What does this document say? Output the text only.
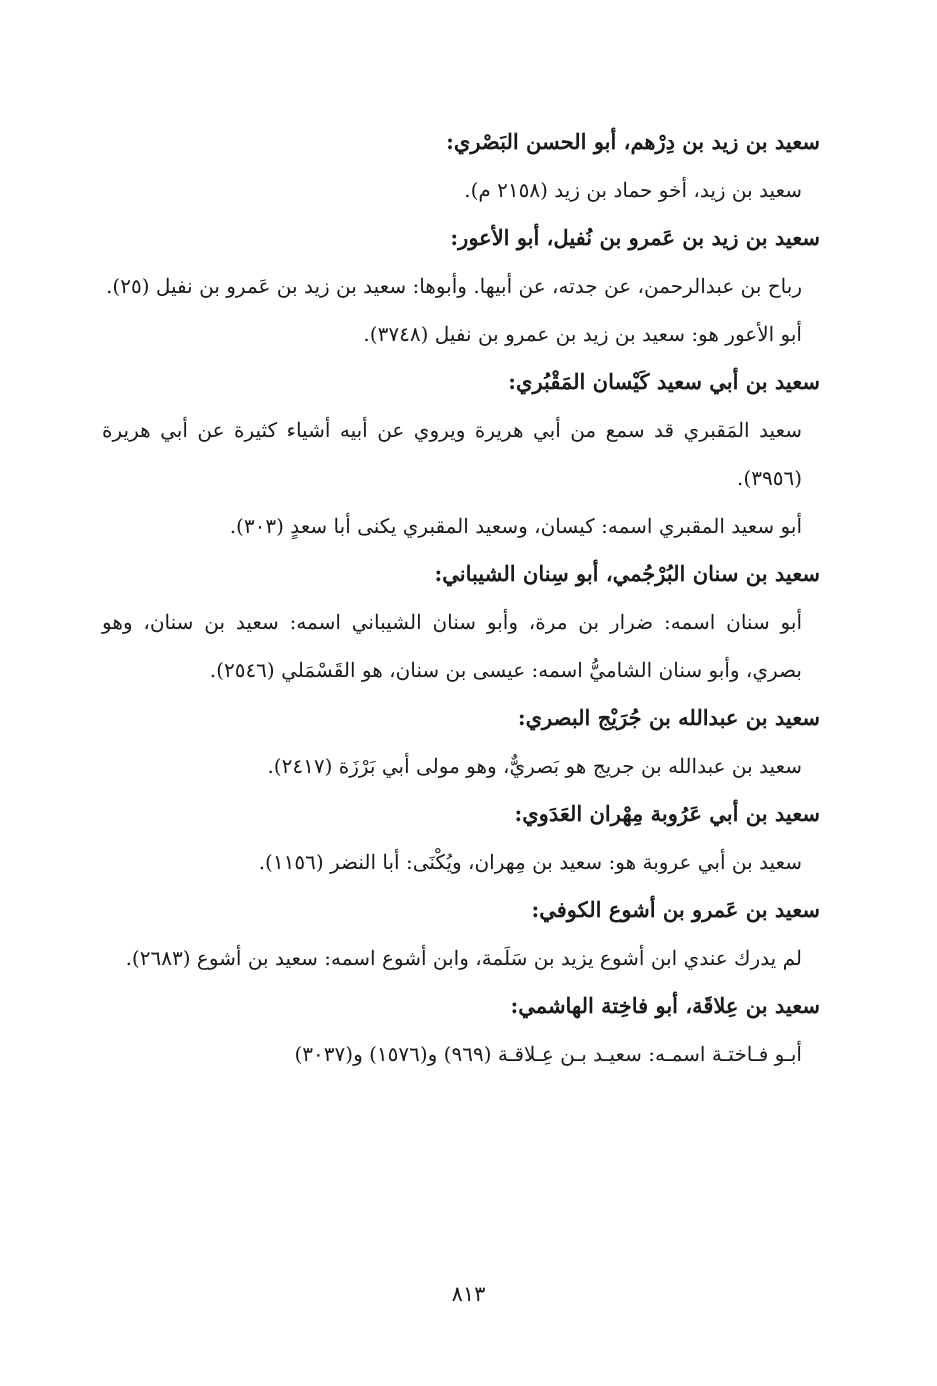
سعيد بن زيد بن دِرْهم، أبو الحسن البَصْري:

سعيد بن زيد، أخو حماد بن زيد (٢١٥٨ م).

سعيد بن زيد بن عَمرو بن نُفيل، أبو الأعور:

رباح بن عبدالرحمن، عن جدته، عن أبيها. وأبوها: سعيد بن زيد بن عَمرو بن نفيل (٢٥).

أبو الأعور هو: سعيد بن زيد بن عمرو بن نفيل (٣٧٤٨).

سعيد بن أبي سعيد كَيْسان المَقْبُري:

سعيد المَقبري قد سمع من أبي هريرة ويروي عن أبيه أشياء كثيرة عن أبي هريرة (٣٩٥٦).

أبو سعيد المقبري اسمه: كيسان، وسعيد المقبري يكنى أبا سعدٍ (٣٠٣).

سعيد بن سنان البُرْجُمي، أبو سِنان الشيباني:

أبو سنان اسمه: ضرار بن مرة، وأبو سنان الشيباني اسمه: سعيد بن سنان، وهو بصري، وأبو سنان الشاميُّ اسمه: عيسى بن سنان، هو القَسْمَلي (٢٥٤٦).

سعيد بن عبدالله بن جُرَيْج البصري:

سعيد بن عبدالله بن جريج هو بَصريٌّ، وهو مولى أبي بَرْزَة (٢٤١٧).

سعيد بن أبي عَرُوبة مِهْران العَدَوي:

سعيد بن أبي عروبة هو: سعيد بن مِهران، ويُكْنَى: أبا النضر (١١٥٦).

سعيد بن عَمرو بن أشوع الكوفي:

لم يدرك عندي ابن أشوع يزيد بن سَلَمة، وابن أشوع اسمه: سعيد بن أشوع (٢٦٨٣).

سعيد بن عِلاقَة، أبو فاخِتة الهاشمي:

أبـو فـاختـة اسمـه: سعيـد بـن عِـلاقـة (٩٦٩) و(١٥٧٦) و(٣٠٣٧)

٨١٣
